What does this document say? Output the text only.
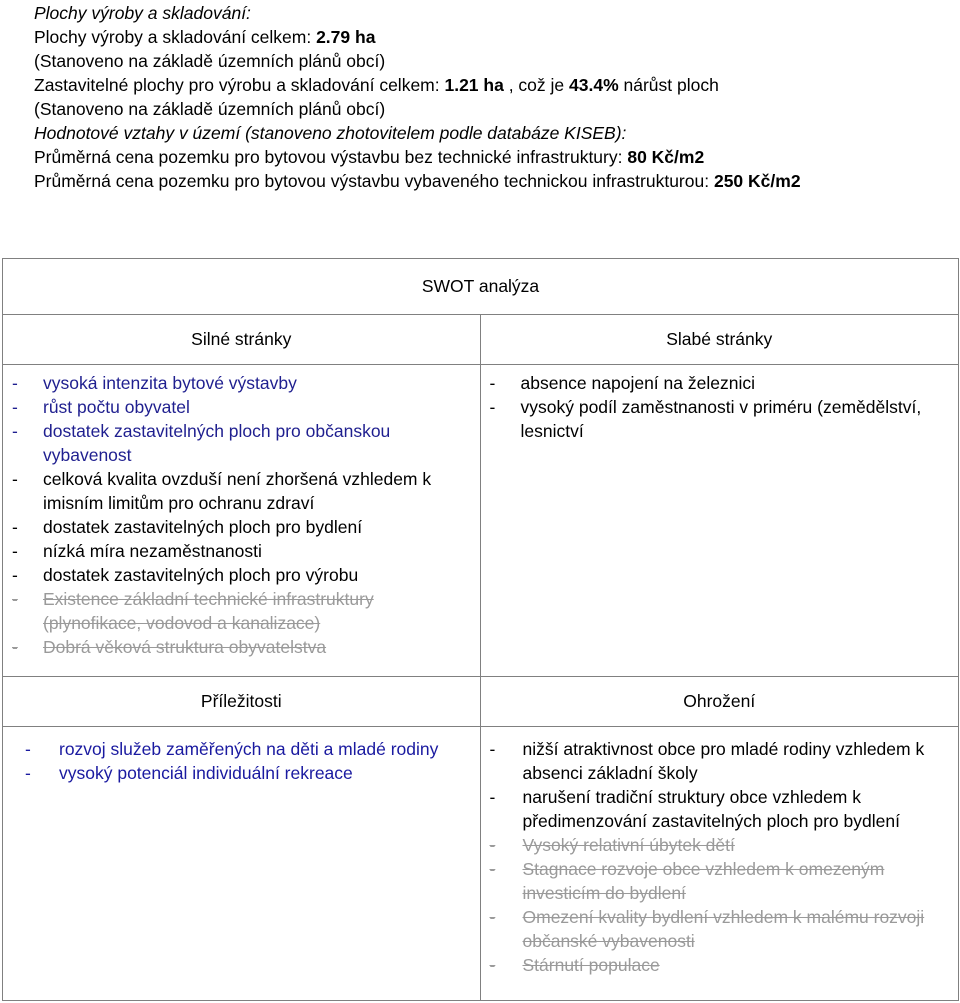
Plochy výroby a skladování:
Plochy výroby a skladování celkem: 2.79 ha
(Stanoveno na základě územních plánů obcí)
Zastavitelné plochy pro výrobu a skladování celkem: 1.21 ha , což je 43.4% nárůst ploch
(Stanoveno na základě územních plánů obcí)
Hodnotové vztahy v území (stanoveno zhotovitelem podle databáze KISEB):
Průměrná cena pozemku pro bytovou výstavbu bez technické infrastruktury: 80 Kč/m2
Průměrná cena pozemku pro bytovou výstavbu vybaveného technickou infrastrukturou: 250 Kč/m2
SWOT analýza
Silné stránky
-	vysoká intenzita bytové výstavby
-	růst počtu obyvatel
-	dostatek zastavitelných ploch pro občanskou vybavenost
-	celková kvalita ovzduší není zhoršená vzhledem k imisním limitům pro ochranu zdraví
-	dostatek zastavitelných ploch pro bydlení
-	nízká míra nezaměstnanosti
-	dostatek zastavitelných ploch pro výrobu
-	Existence základní technické infrastruktury (plynofikace, vodovod a kanalizace)
-	Dobrá věková struktura obyvatelstva
Slabé stránky
-	absence napojení na železnici
-	vysoký podíl zaměstnanosti v priméru (zemědělství, lesnictví
Příležitosti
-	rozvoj služeb zaměřených na děti a mladé rodiny
-	vysoký potenciál individuální rekreace
Ohrožení
-	nižší atraktivnost obce pro mladé rodiny vzhledem k absenci základní školy
-	narušení tradiční struktury obce vzhledem k předimenzování zastavitelných ploch pro bydlení
-	Vysoký relativní úbytek dětí
-	Stagnace rozvoje obce vzhledem k omezeným investicím do bydlení
-	Omezení kvality bydlení vzhledem k malému rozvoji občanské vybavenosti
-	Stárnutí populace
